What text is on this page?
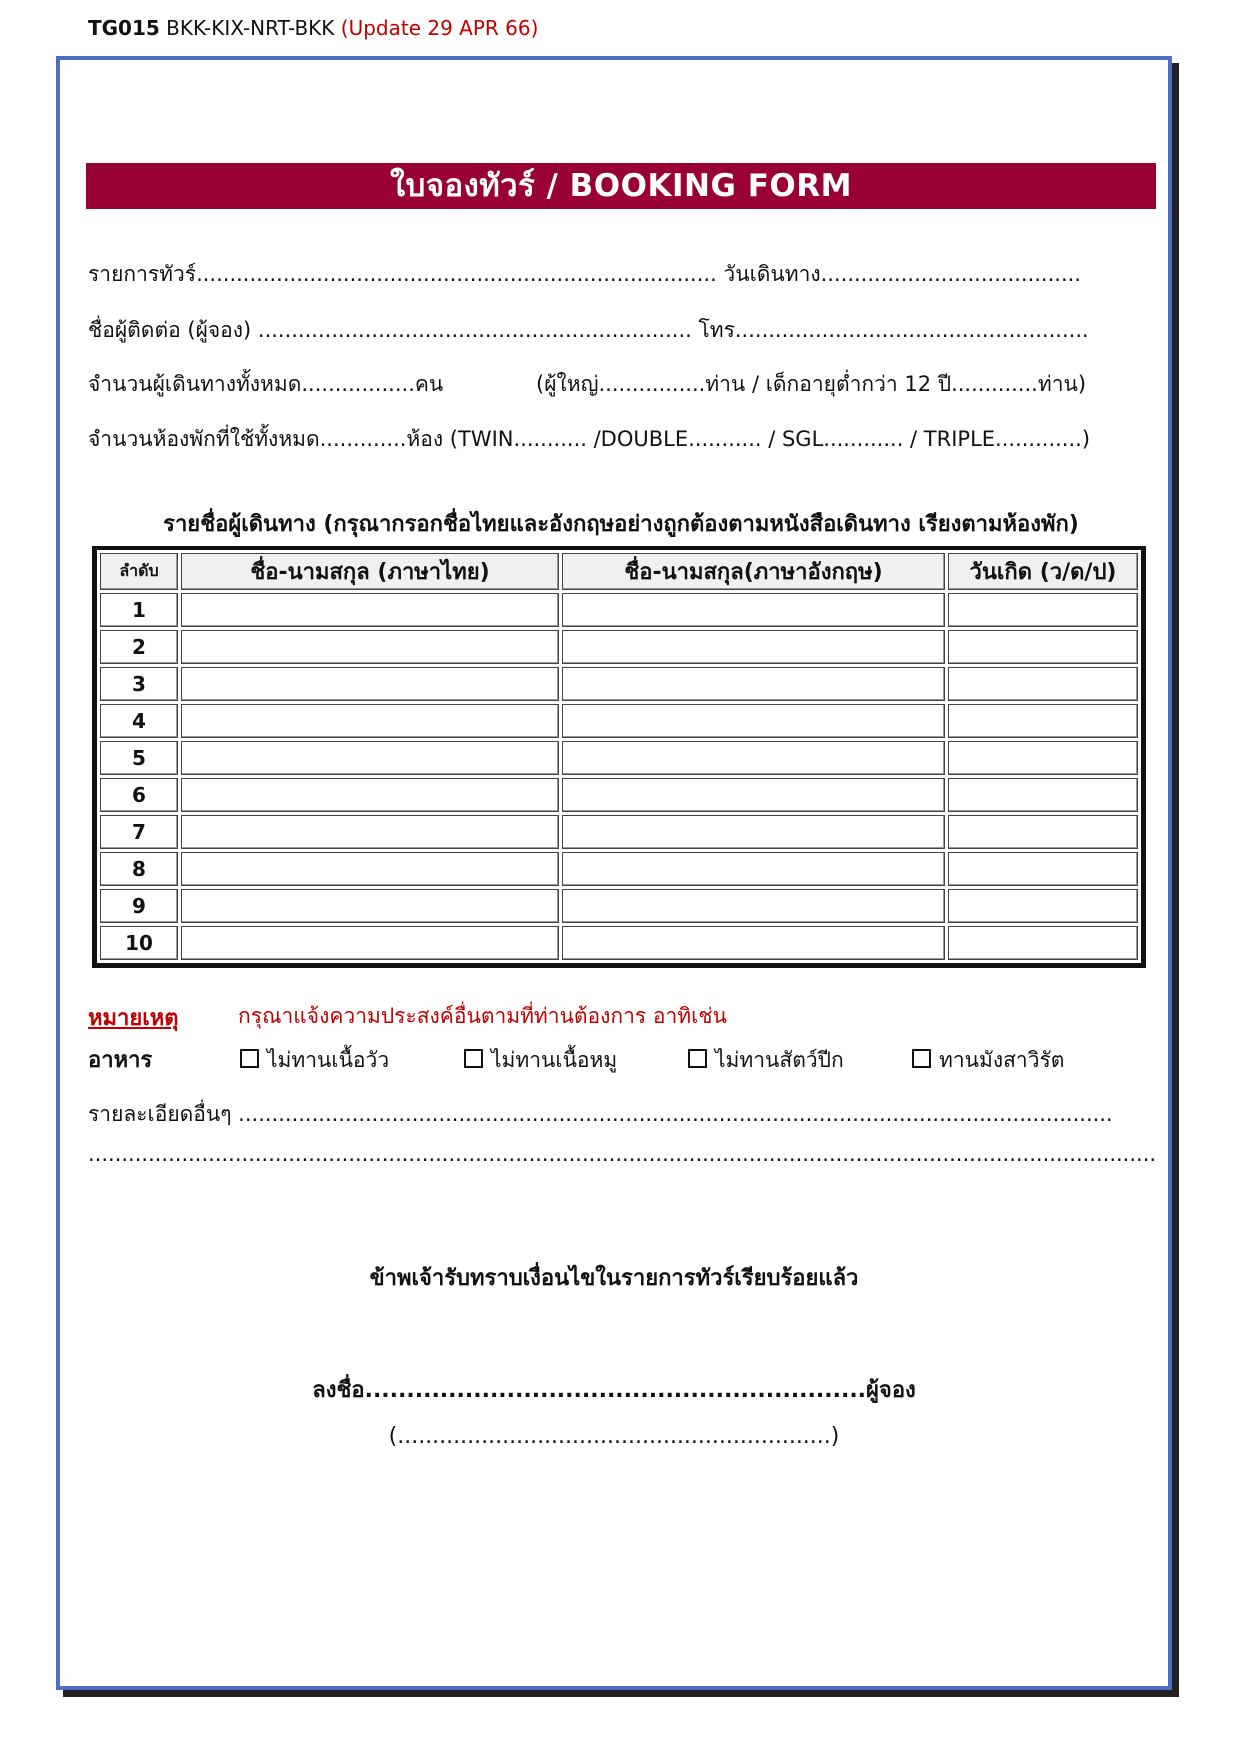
TG015 BKK-KIX-NRT-BKK (Update 29 APR 66)
ใบจองทัวร์ / BOOKING FORM
รายการทัวร์.............................................................................. วันเดินทาง.......................................
ชื่อผู้ติดต่อ (ผู้จอง) ................................................................. โทร.....................................................
จำนวนผู้เดินทางทั้งหมด.................คน	(ผู้ใหญ่................ท่าน / เด็กอายุต่ำกว่า 12 ปี.............ท่าน)
จำนวนห้องพักที่ใช้ทั้งหมด.............ห้อง (TWIN........... /DOUBLE........... / SGL............ / TRIPLE.............)
รายชื่อผู้เดินทาง (กรุณากรอกชื่อไทยและอังกฤษอย่างถูกต้องตามหนังสือเดินทาง เรียงตามห้องพัก)
ลำดับ	ชื่อ-นามสกุล (ภาษาไทย)	ชื่อ-นามสกุล(ภาษาอังกฤษ)	วันเกิด (ว/ด/ป)
1			
2			
3			
4			
5			
6			
7			
8			
9			
10			
หมายเหตุ	กรุณาแจ้งความประสงค์อื่นตามที่ท่านต้องการ อาทิเช่น
อาหาร	ไม่ทานเนื้อวัว	ไม่ทานเนื้อหมู	ไม่ทานสัตว์ปีก	ทานมังสาวิรัต
รายละเอียดอื่นๆ ...................................................................................................................................
................................................................................................................................................................
ข้าพเจ้ารับทราบเงื่อนไขในรายการทัวร์เรียบร้อยแล้ว
ลงชื่อ............................................................ผู้จอง
(..............................................................)
